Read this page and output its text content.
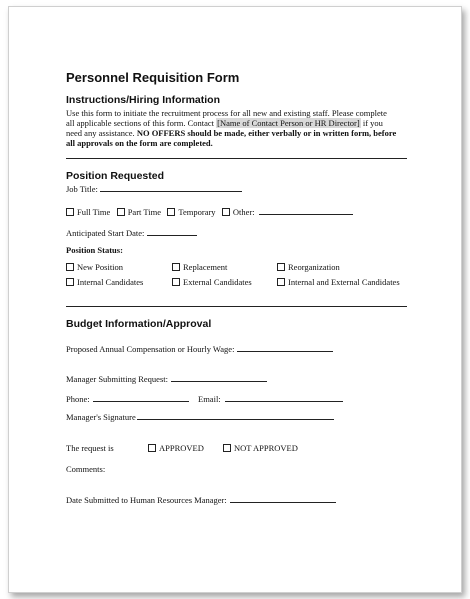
Personnel Requisition Form
Instructions/Hiring Information
Use this form to initiate the recruitment process for all new and existing staff. Please complete
all applicable sections of this form. Contact [Name of Contact Person or HR Director] if you
need any assistance. NO OFFERS should be made, either verbally or in written form, before
all approvals on the form are completed.
Position Requested
Job Title:
Full Time Part Time Temporary Other:
Anticipated Start Date:
Position Status:
New Position	Replacement	Reorganization
Internal Candidates	External Candidates	Internal and External Candidates
Budget Information/Approval
Proposed Annual Compensation or Hourly Wage:
Manager Submitting Request:
Phone:	Email:
Manager's Signature
The request is	APPROVED	NOT APPROVED
Comments:
Date Submitted to Human Resources Manager:
